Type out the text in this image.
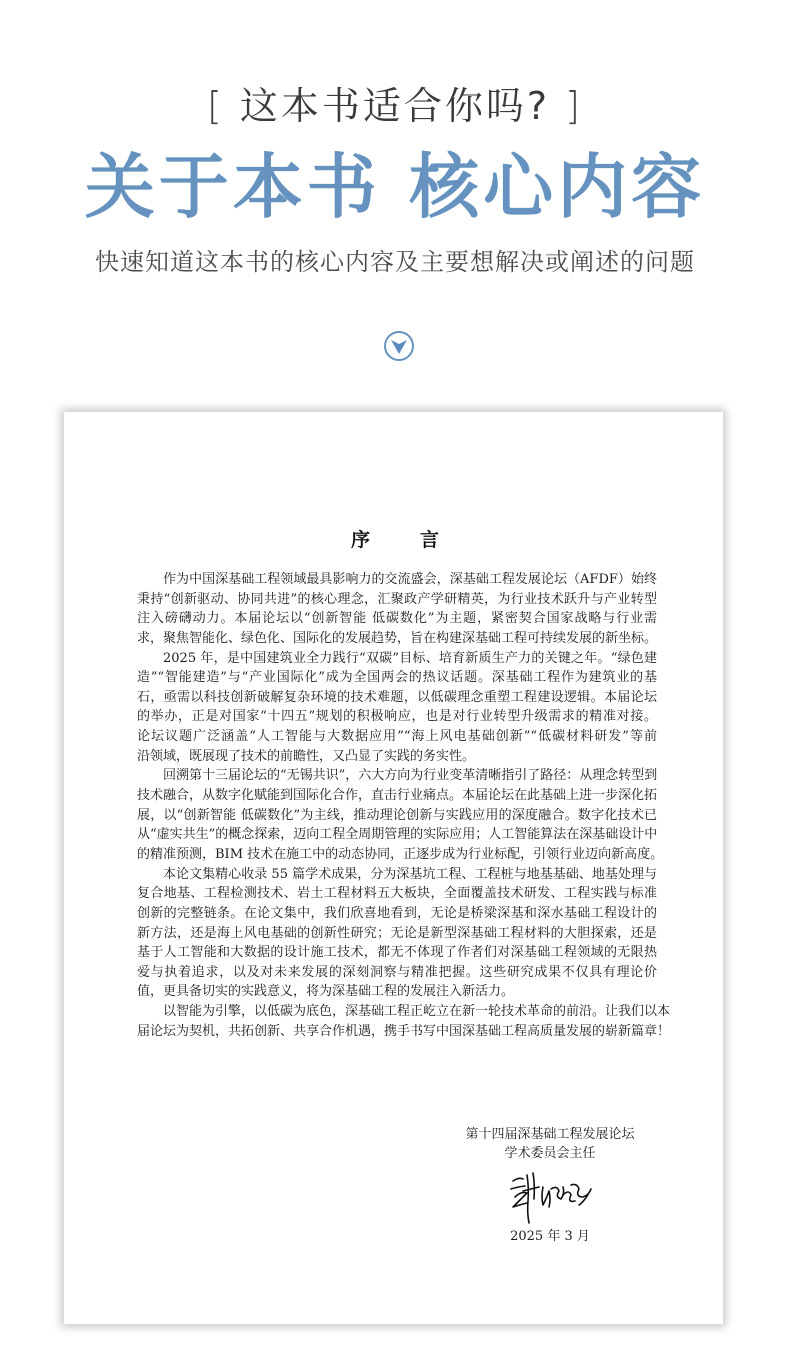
[ 这本书适合你吗? ]
关于本书 核心内容
快速知道这本书的核心内容及主要想解决或阐述的问题
序	言
作为中国深基础工程领域最具影响力的交流盛会，深基础工程发展论坛（AFDF）始终
秉持“创新驱动、协同共进”的核心理念，汇聚政产学研精英，为行业技术跃升与产业转型
注入磅礴动力。本届论坛以“创新智能 低碳数化”为主题，紧密契合国家战略与行业需
求，聚焦智能化、绿色化、国际化的发展趋势，旨在构建深基础工程可持续发展的新坐标。
2025 年，是中国建筑业全力践行“双碳”目标、培育新质生产力的关键之年。“绿色建
造”“智能建造”与“产业国际化”成为全国两会的热议话题。深基础工程作为建筑业的基
石，亟需以科技创新破解复杂环境的技术难题，以低碳理念重塑工程建设逻辑。本届论坛
的举办，正是对国家“十四五”规划的积极响应，也是对行业转型升级需求的精准对接。
论坛议题广泛涵盖“人工智能与大数据应用”“海上风电基础创新”“低碳材料研发”等前
沿领域，既展现了技术的前瞻性，又凸显了实践的务实性。
回溯第十三届论坛的“无锡共识”，六大方向为行业变革清晰指引了路径：从理念转型到
技术融合，从数字化赋能到国际化合作，直击行业痛点。本届论坛在此基础上进一步深化拓
展，以“创新智能 低碳数化”为主线，推动理论创新与实践应用的深度融合。数字化技术已
从“虚实共生”的概念探索，迈向工程全周期管理的实际应用；人工智能算法在深基础设计中
的精准预测，BIM 技术在施工中的动态协同，正逐步成为行业标配，引领行业迈向新高度。
本论文集精心收录 55 篇学术成果，分为深基坑工程、工程桩与地基基础、地基处理与
复合地基、工程检测技术、岩土工程材料五大板块，全面覆盖技术研发、工程实践与标准
创新的完整链条。在论文集中，我们欣喜地看到，无论是桥梁深基和深水基础工程设计的
新方法，还是海上风电基础的创新性研究；无论是新型深基础工程材料的大胆探索，还是
基于人工智能和大数据的设计施工技术，都无不体现了作者们对深基础工程领域的无限热
爱与执着追求，以及对未来发展的深刻洞察与精准把握。这些研究成果不仅具有理论价
值，更具备切实的实践意义，将为深基础工程的发展注入新活力。
以智能为引擎，以低碳为底色，深基础工程正屹立在新一轮技术革命的前沿。让我们以本
届论坛为契机，共拓创新、共享合作机遇，携手书写中国深基础工程高质量发展的崭新篇章！
第十四届深基础工程发展论坛
学术委员会主任
2025 年 3 月
